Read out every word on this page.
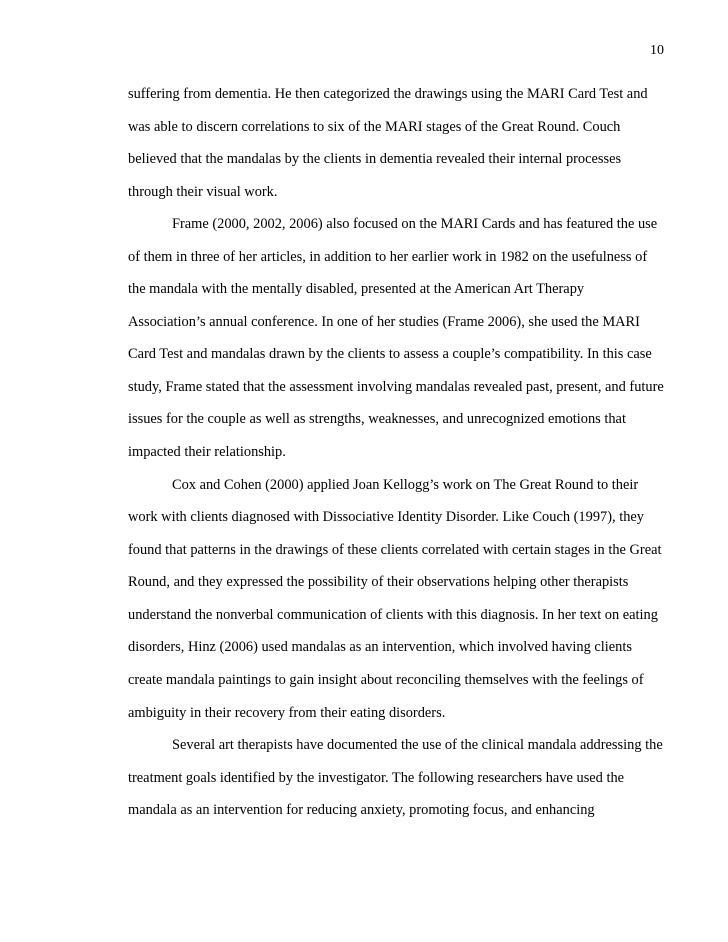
10
suffering from dementia. He then categorized the drawings using the MARI Card Test and
was able to discern correlations to six of the MARI stages of the Great Round. Couch
believed that the mandalas by the clients in dementia revealed their internal processes
through their visual work.
Frame (2000, 2002, 2006) also focused on the MARI Cards and has featured the use
of them in three of her articles, in addition to her earlier work in 1982 on the usefulness of
the mandala with the mentally disabled, presented at the American Art Therapy
Association’s annual conference. In one of her studies (Frame 2006), she used the MARI
Card Test and mandalas drawn by the clients to assess a couple’s compatibility. In this case
study, Frame stated that the assessment involving mandalas revealed past, present, and future
issues for the couple as well as strengths, weaknesses, and unrecognized emotions that
impacted their relationship.
Cox and Cohen (2000) applied Joan Kellogg’s work on The Great Round to their
work with clients diagnosed with Dissociative Identity Disorder. Like Couch (1997), they
found that patterns in the drawings of these clients correlated with certain stages in the Great
Round, and they expressed the possibility of their observations helping other therapists
understand the nonverbal communication of clients with this diagnosis. In her text on eating
disorders, Hinz (2006) used mandalas as an intervention, which involved having clients
create mandala paintings to gain insight about reconciling themselves with the feelings of
ambiguity in their recovery from their eating disorders.
Several art therapists have documented the use of the clinical mandala addressing the
treatment goals identified by the investigator. The following researchers have used the
mandala as an intervention for reducing anxiety, promoting focus, and enhancing
